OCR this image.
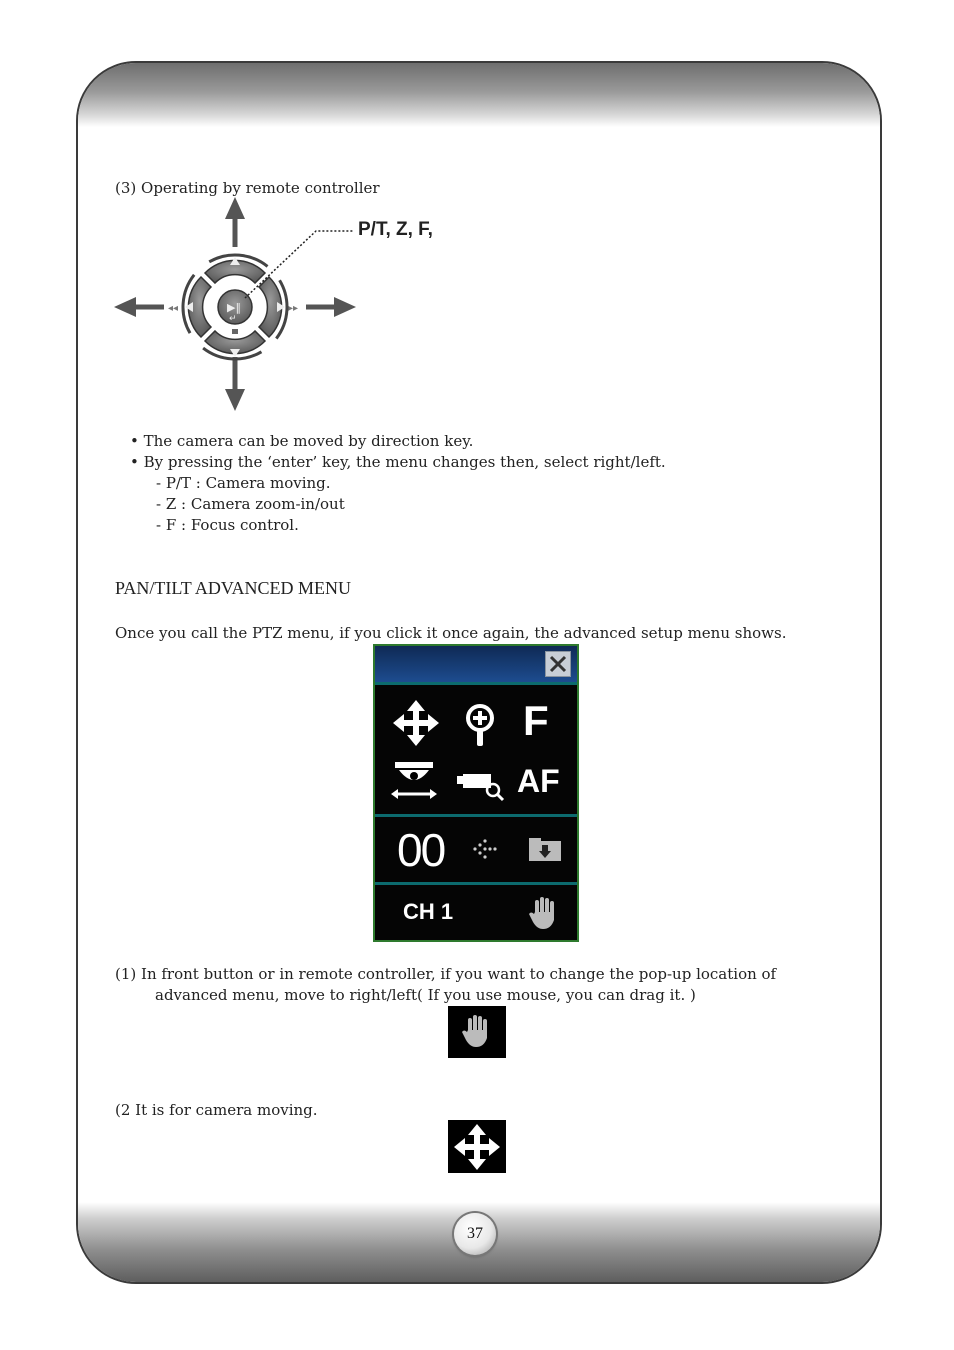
(3) Operating by remote controller
◂◂	▸▸
▶‖
↵
P/T, Z, F,
• The camera can be moved by direction key.
• By pressing the ‘enter’ key, the menu changes then, select right/left.
- P/T : Camera moving.
- Z : Camera zoom-in/out
- F : Focus control.
PAN/TILT ADVANCED MENU
Once you call the PTZ menu, if you click it once again, the advanced setup menu shows.
F
AF
00
CH 1
(1) In front button or in remote controller, if you want to change the pop-up location of
advanced menu, move to right/left( If you use mouse, you can drag it. )
(2 It is for camera moving.
37
